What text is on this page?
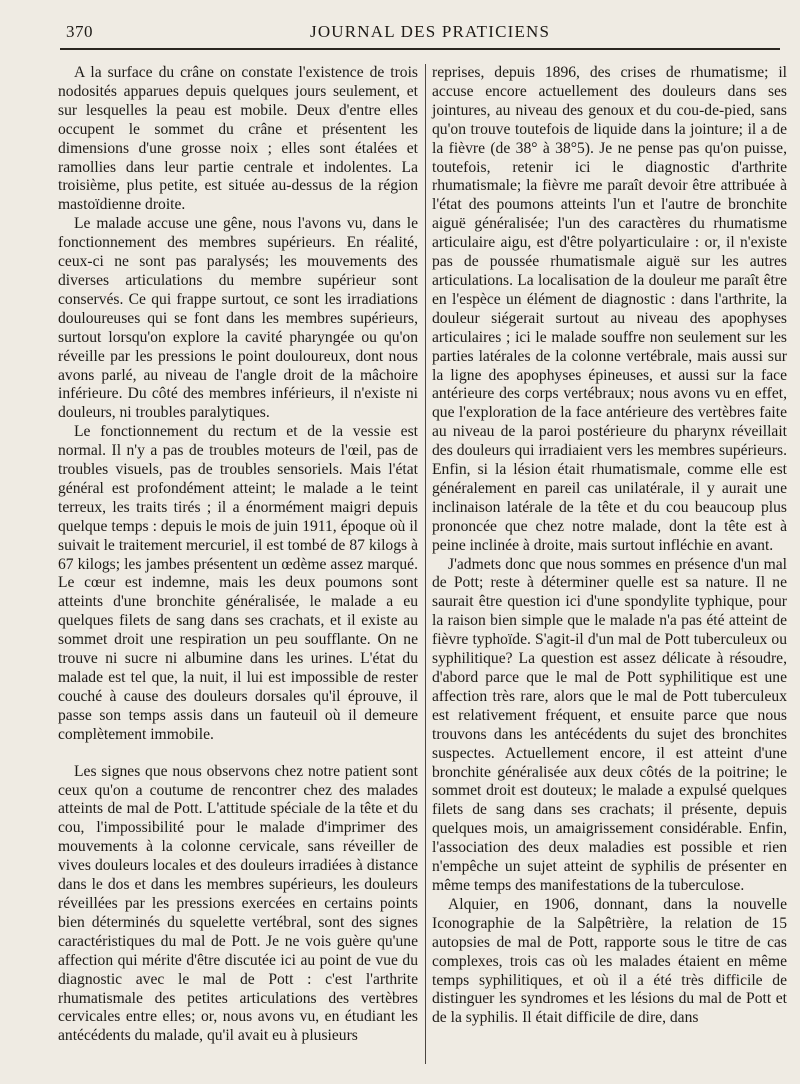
370	JOURNAL DES PRATICIENS

A la surface du crâne on constate l'existence de trois nodosités apparues depuis quelques jours seulement, et sur lesquelles la peau est mobile. Deux d'entre elles occupent le sommet du crâne et présentent les dimensions d'une grosse noix ; elles sont étalées et ramollies dans leur partie centrale et indolentes. La troisième, plus petite, est située au-dessus de la région mastoïdienne droite.

Le malade accuse une gêne, nous l'avons vu, dans le fonctionnement des membres supérieurs. En réalité, ceux-ci ne sont pas paralysés; les mouvements des diverses articulations du membre supérieur sont conservés. Ce qui frappe surtout, ce sont les irradiations douloureuses qui se font dans les membres supérieurs, surtout lorsqu'on explore la cavité pharyngée ou qu'on réveille par les pressions le point douloureux, dont nous avons parlé, au niveau de l'angle droit de la mâchoire inférieure. Du côté des membres inférieurs, il n'existe ni douleurs, ni troubles paralytiques.

Le fonctionnement du rectum et de la vessie est normal. Il n'y a pas de troubles moteurs de l'œil, pas de troubles visuels, pas de troubles sensoriels. Mais l'état général est profondément atteint; le malade a le teint terreux, les traits tirés ; il a énormément maigri depuis quelque temps : depuis le mois de juin 1911, époque où il suivait le traitement mercuriel, il est tombé de 87 kilogs à 67 kilogs; les jambes présentent un œdème assez marqué. Le cœur est indemne, mais les deux poumons sont atteints d'une bronchite généralisée, le malade a eu quelques filets de sang dans ses crachats, et il existe au sommet droit une respiration un peu soufflante. On ne trouve ni sucre ni albumine dans les urines. L'état du malade est tel que, la nuit, il lui est impossible de rester couché à cause des douleurs dorsales qu'il éprouve, il passe son temps assis dans un fauteuil où il demeure complètement immobile.

Les signes que nous observons chez notre patient sont ceux qu'on a coutume de rencontrer chez des malades atteints de mal de Pott. L'attitude spéciale de la tête et du cou, l'impossibilité pour le malade d'imprimer des mouvements à la colonne cervicale, sans réveiller de vives douleurs locales et des douleurs irradiées à distance dans le dos et dans les membres supérieurs, les douleurs réveillées par les pressions exercées en certains points bien déterminés du squelette vertébral, sont des signes caractéristiques du mal de Pott. Je ne vois guère qu'une affection qui mérite d'être discutée ici au point de vue du diagnostic avec le mal de Pott : c'est l'arthrite rhumatismale des petites articulations des vertèbres cervicales entre elles; or, nous avons vu, en étudiant les antécédents du malade, qu'il avait eu à plusieurs

reprises, depuis 1896, des crises de rhumatisme; il accuse encore actuellement des douleurs dans ses jointures, au niveau des genoux et du cou-de-pied, sans qu'on trouve toutefois de liquide dans la jointure; il a de la fièvre (de 38° à 38°5). Je ne pense pas qu'on puisse, toutefois, retenir ici le diagnostic d'arthrite rhumatismale; la fièvre me paraît devoir être attribuée à l'état des poumons atteints l'un et l'autre de bronchite aiguë généralisée; l'un des caractères du rhumatisme articulaire aigu, est d'être polyarticulaire : or, il n'existe pas de poussée rhumatismale aiguë sur les autres articulations. La localisation de la douleur me paraît être en l'espèce un élément de diagnostic : dans l'arthrite, la douleur siégerait surtout au niveau des apophyses articulaires ; ici le malade souffre non seulement sur les parties latérales de la colonne vertébrale, mais aussi sur la ligne des apophyses épineuses, et aussi sur la face antérieure des corps vertébraux; nous avons vu en effet, que l'exploration de la face antérieure des vertèbres faite au niveau de la paroi postérieure du pharynx réveillait des douleurs qui irradiaient vers les membres supérieurs. Enfin, si la lésion était rhumatismale, comme elle est généralement en pareil cas unilatérale, il y aurait une inclinaison latérale de la tête et du cou beaucoup plus prononcée que chez notre malade, dont la tête est à peine inclinée à droite, mais surtout infléchie en avant.

J'admets donc que nous sommes en présence d'un mal de Pott; reste à déterminer quelle est sa nature. Il ne saurait être question ici d'une spondylite typhique, pour la raison bien simple que le malade n'a pas été atteint de fièvre typhoïde. S'agit-il d'un mal de Pott tuberculeux ou syphilitique? La question est assez délicate à résoudre, d'abord parce que le mal de Pott syphilitique est une affection très rare, alors que le mal de Pott tuberculeux est relativement fréquent, et ensuite parce que nous trouvons dans les antécédents du sujet des bronchites suspectes. Actuellement encore, il est atteint d'une bronchite généralisée aux deux côtés de la poitrine; le sommet droit est douteux; le malade a expulsé quelques filets de sang dans ses crachats; il présente, depuis quelques mois, un amaigrissement considérable. Enfin, l'association des deux maladies est possible et rien n'empêche un sujet atteint de syphilis de présenter en même temps des manifestations de la tuberculose.

Alquier, en 1906, donnant, dans la nouvelle Iconographie de la Salpêtrière, la relation de 15 autopsies de mal de Pott, rapporte sous le titre de cas complexes, trois cas où les malades étaient en même temps syphilitiques, et où il a été très difficile de distinguer les syndromes et les lésions du mal de Pott et de la syphilis. Il était difficile de dire, dans
